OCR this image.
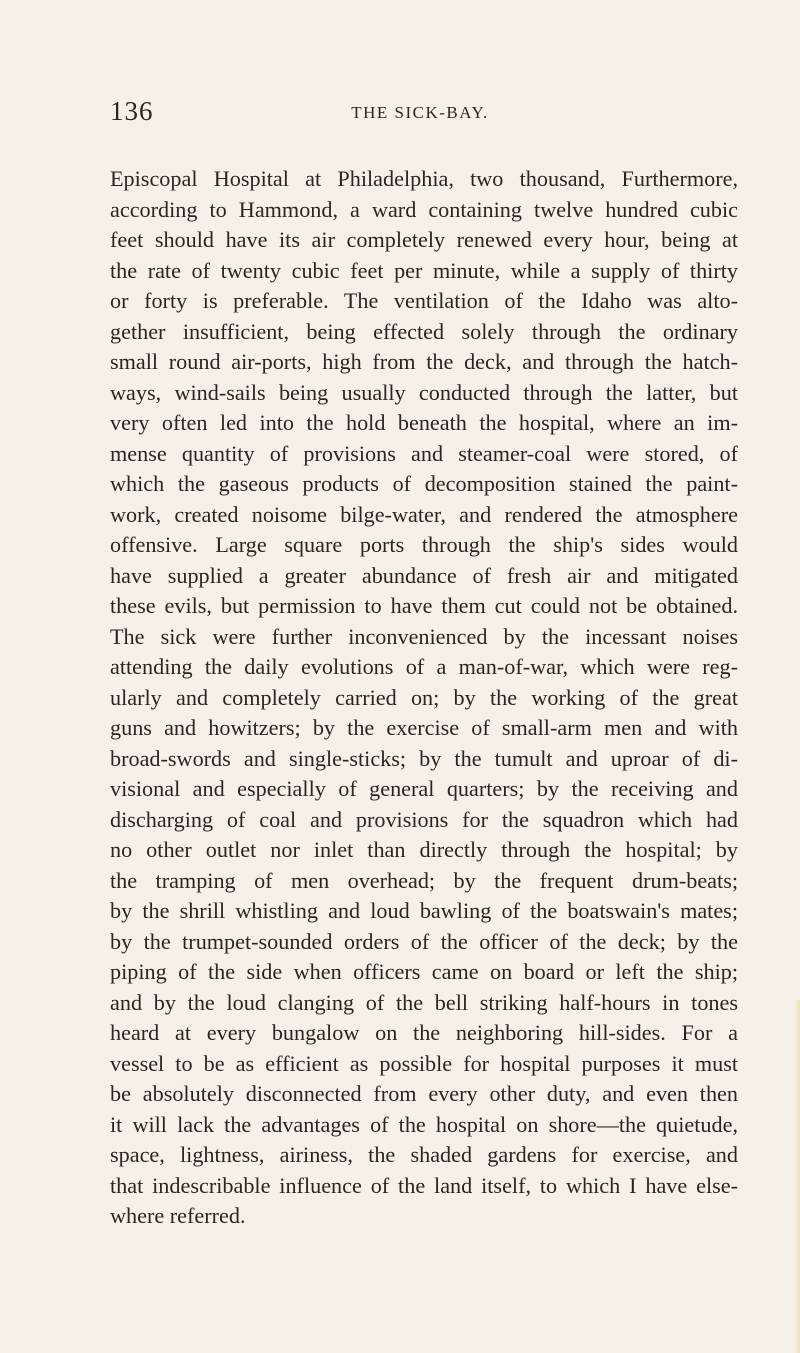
136	THE SICK-BAY.
Episcopal Hospital at Philadelphia, two thousand, Furthermore,
according to Hammond, a ward containing twelve hundred cubic
feet should have its air completely renewed every hour, being at
the rate of twenty cubic feet per minute, while a supply of thirty
or forty is preferable. The ventilation of the Idaho was alto-
gether insufficient, being effected solely through the ordinary
small round air-ports, high from the deck, and through the hatch-
ways, wind-sails being usually conducted through the latter, but
very often led into the hold beneath the hospital, where an im-
mense quantity of provisions and steamer-coal were stored, of
which the gaseous products of decomposition stained the paint-
work, created noisome bilge-water, and rendered the atmosphere
offensive. Large square ports through the ship's sides would
have supplied a greater abundance of fresh air and mitigated
these evils, but permission to have them cut could not be obtained.
The sick were further inconvenienced by the incessant noises
attending the daily evolutions of a man-of-war, which were reg-
ularly and completely carried on; by the working of the great
guns and howitzers; by the exercise of small-arm men and with
broad-swords and single-sticks; by the tumult and uproar of di-
visional and especially of general quarters; by the receiving and
discharging of coal and provisions for the squadron which had
no other outlet nor inlet than directly through the hospital; by
the tramping of men overhead; by the frequent drum-beats;
by the shrill whistling and loud bawling of the boatswain's mates;
by the trumpet-sounded orders of the officer of the deck; by the
piping of the side when officers came on board or left the ship;
and by the loud clanging of the bell striking half-hours in tones
heard at every bungalow on the neighboring hill-sides. For a
vessel to be as efficient as possible for hospital purposes it must
be absolutely disconnected from every other duty, and even then
it will lack the advantages of the hospital on shore—the quietude,
space, lightness, airiness, the shaded gardens for exercise, and
that indescribable influence of the land itself, to which I have else-
where referred.
